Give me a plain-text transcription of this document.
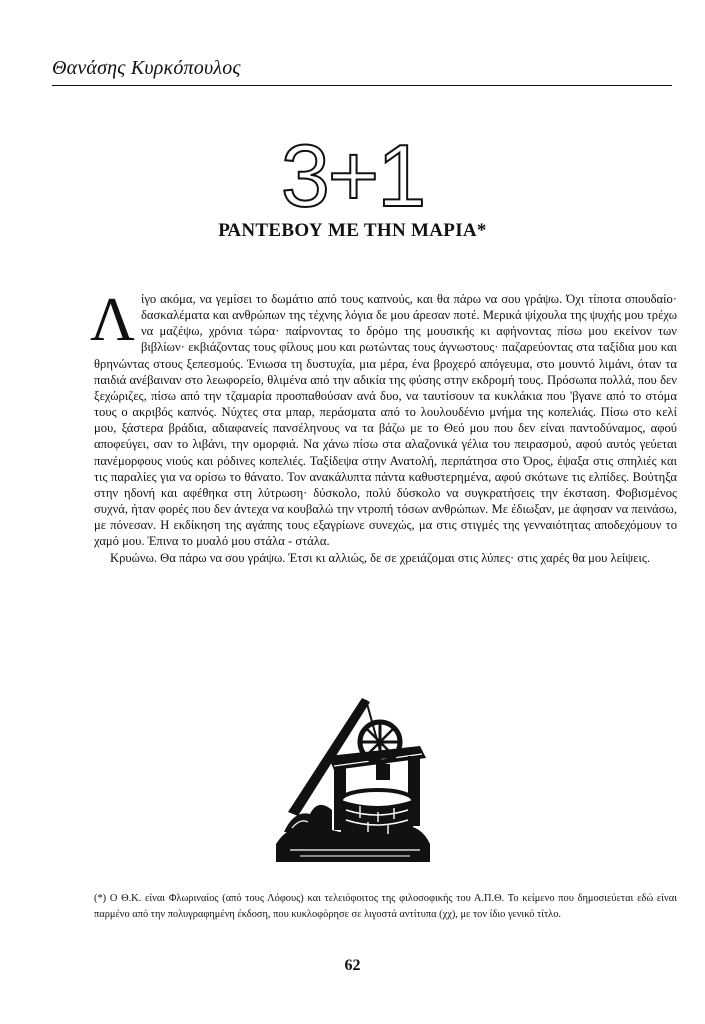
Θανάσης Κυρκόπουλος
3+1
ΡΑΝΤΕΒΟΥ ΜΕ ΤΗΝ ΜΑΡΙΑ*

Λίγο ακόμα, να γεμίσει το δωμάτιο από τους καπνούς, και θα πάρω να σου γράψω. Όχι τίποτα σπουδαίο· δασκαλέματα και ανθρώπων της τέχνης λόγια δε μου άρεσαν ποτέ. Μερικά ψίχουλα της ψυχής μου τρέχω να μαζέψω, χρόνια τώρα· παίρνοντας το δρόμο της μουσικής κι αφήνοντας πίσω μου εκείνον των βιβλίων· εκβιάζοντας τους φίλους μου και ρωτώντας τους άγνωστους· παζαρεύοντας στα ταξίδια μου και θρηνώντας στους ξεπεσμούς. Ένιωσα τη δυστυχία, μια μέρα, ένα βροχερό απόγευμα, στο μουντό λιμάνι, όταν τα παιδιά ανέβαιναν στο λεωφορείο, θλιμένα από την αδικία της φύσης στην εκδρομή τους. Πρόσωπα πολλά, που δεν ξεχώριζες, πίσω από την τζαμαρία προσπαθούσαν ανά δυο, να ταυτίσουν τα κυκλάκια που 'βγανε από το στόμα τους ο ακριβός καπνός. Νύχτες στα μπαρ, περάσματα από το λουλουδένιο μνήμα της κοπελιάς. Πίσω στο κελί μου, ξάστερα βράδια, αδιαφανείς πανσέληνους να τα βάζω με το Θεό μου που δεν είναι παντοδύναμος, αφού αποφεύγει, σαν το λιβάνι, την ομορφιά. Να χάνω πίσω στα αλαζονικά γέλια του πειρασμού, αφού αυτός γεύεται πανέμορφους νιούς και ρόδινες κοπελιές. Ταξίδεψα στην Ανατολή, περπάτησα στο Όρος, έψαξα στις σπηλιές και τις παραλίες για να ορίσω το θάνατο. Τον ανακάλυπτα πάντα καθυστερημένα, αφού σκότωνε τις ελπίδες. Βούτηξα στην ηδονή και αφέθηκα στη λύτρωση· δύσκολο, πολύ δύσκολο να συγκρατήσεις την έκσταση. Φοβισμένος συχνά, ήταν φορές που δεν άντεχα να κουβαλώ την ντροπή τόσων ανθρώπων. Με έδιωξαν, με άφησαν να πεινάσω, με πόνεσαν. Η εκδίκηση της αγάπης τους εξαγρίωνε συνεχώς, μα στις στιγμές της γενναιότητας αποδεχόμουν το χαμό μου. Έπινα το μυαλό μου στάλα - στάλα.

Κρυώνω. Θα πάρω να σου γράψω. Έτσι κι αλλιώς, δε σε χρειάζομαι στις λύπες· στις χαρές θα μου λείψεις.

(*) Ο Θ.Κ. είναι Φλωριναίος (από τους Λόφους) και τελειόφοιτος της φιλοσοφικής του Α.Π.Θ. Το κείμενο που δημοσιεύεται εδώ είναι παρμένο από την πολυγραφημένη έκδοση, που κυκλοφόρησε σε λιγοστά αντίτυπα (χχ), με τον ίδιο γενικό τίτλο.
62
